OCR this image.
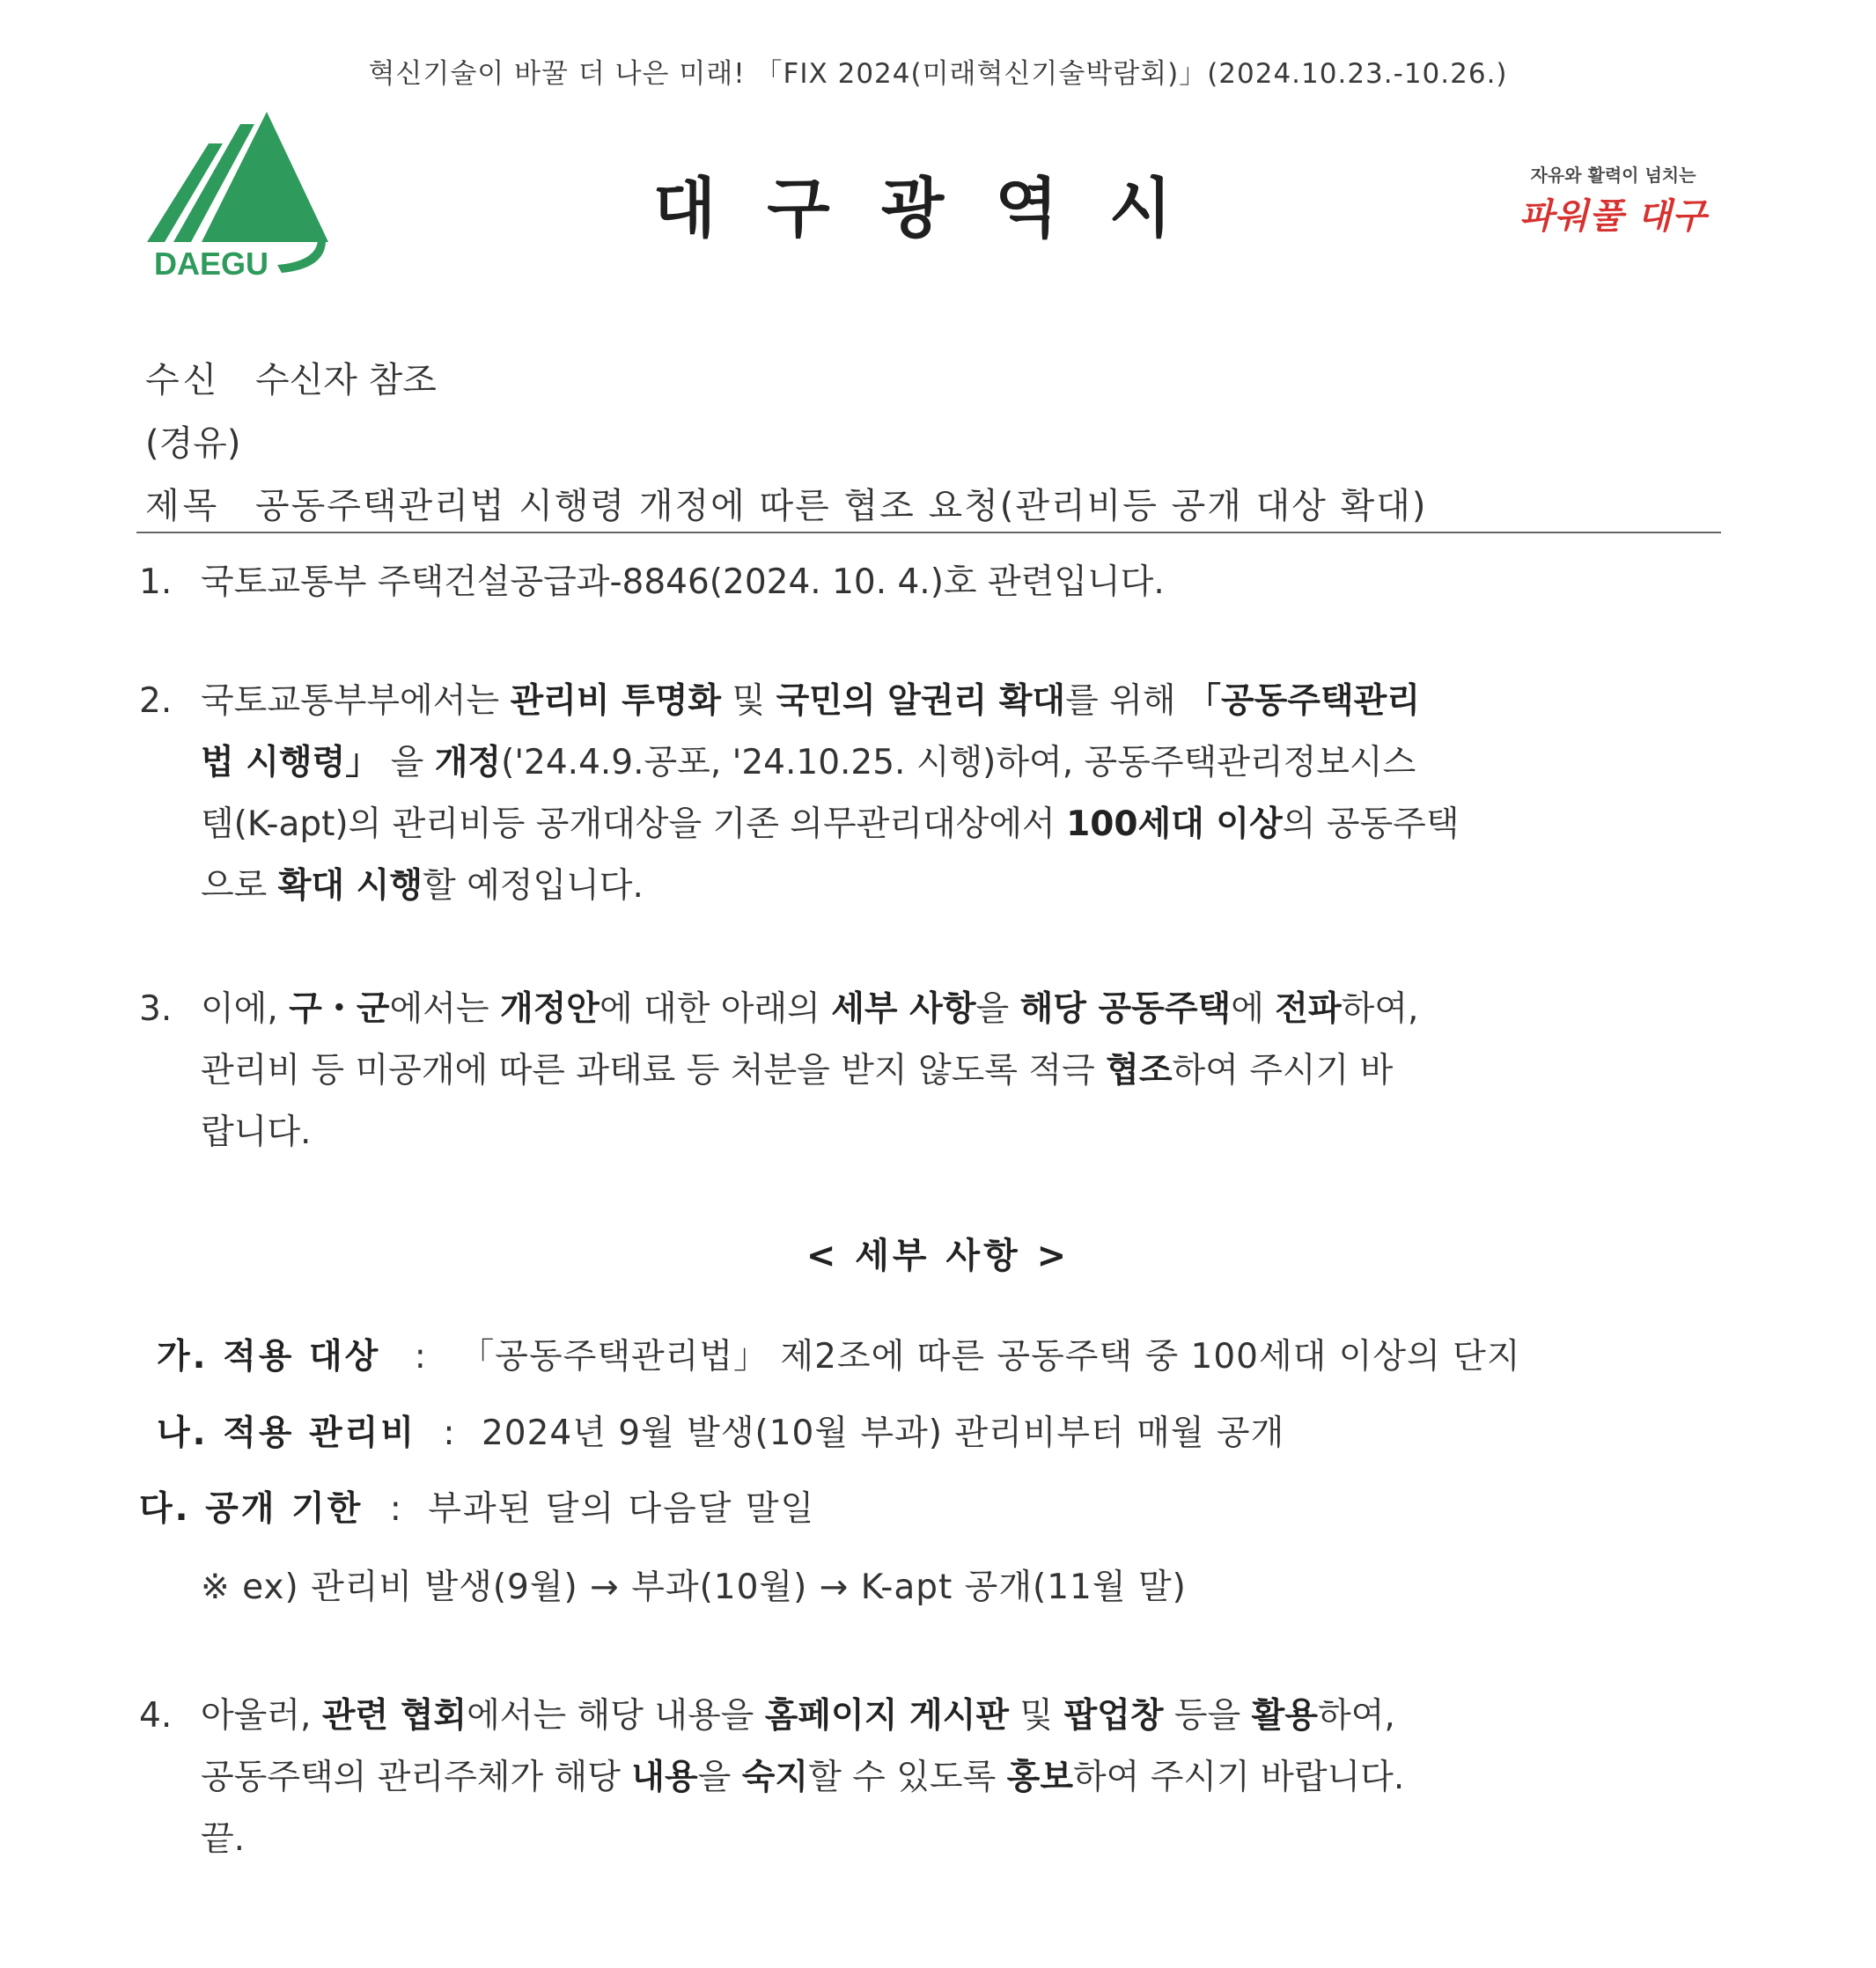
혁신기술이 바꿀 더 나은 미래! 「FIX 2024(미래혁신기술박람회)」(2024.10.23.-10.26.)
DAEGU
대구광역시	자유와 활력이 넘치는
파워풀 대구
수신 수신자 참조
(경유)
제목 공동주택관리법 시행령 개정에 따른 협조 요청(관리비등 공개 대상 확대)
1. 국토교통부 주택건설공급과-8846(2024. 10. 4.)호 관련입니다.
2. 국토교통부부에서는 관리비 투명화 및 국민의 알권리 확대를 위해 「공동주택관리
법 시행령」 을 개정('24.4.9.공포, '24.10.25. 시행)하여, 공동주택관리정보시스
템(K-apt)의 관리비등 공개대상을 기존 의무관리대상에서 100세대 이상의 공동주택
으로 확대 시행할 예정입니다.
3. 이에, 구・군에서는 개정안에 대한 아래의 세부 사항을 해당 공동주택에 전파하여,
관리비 등 미공개에 따른 과태료 등 처분을 받지 않도록 적극 협조하여 주시기 바
랍니다.
< 세부 사항 >
가. 적용 대상 : 「공동주택관리법」 제2조에 따른 공동주택 중 100세대 이상의 단지
나. 적용 관리비 : 2024년 9월 발생(10월 부과) 관리비부터 매월 공개
다. 공개 기한 : 부과된 달의 다음달 말일
※ ex) 관리비 발생(9월) → 부과(10월) → K-apt 공개(11월 말)
4. 아울러, 관련 협회에서는 해당 내용을 홈페이지 게시판 및 팝업창 등을 활용하여,
공동주택의 관리주체가 해당 내용을 숙지할 수 있도록 홍보하여 주시기 바랍니다.
끝.
